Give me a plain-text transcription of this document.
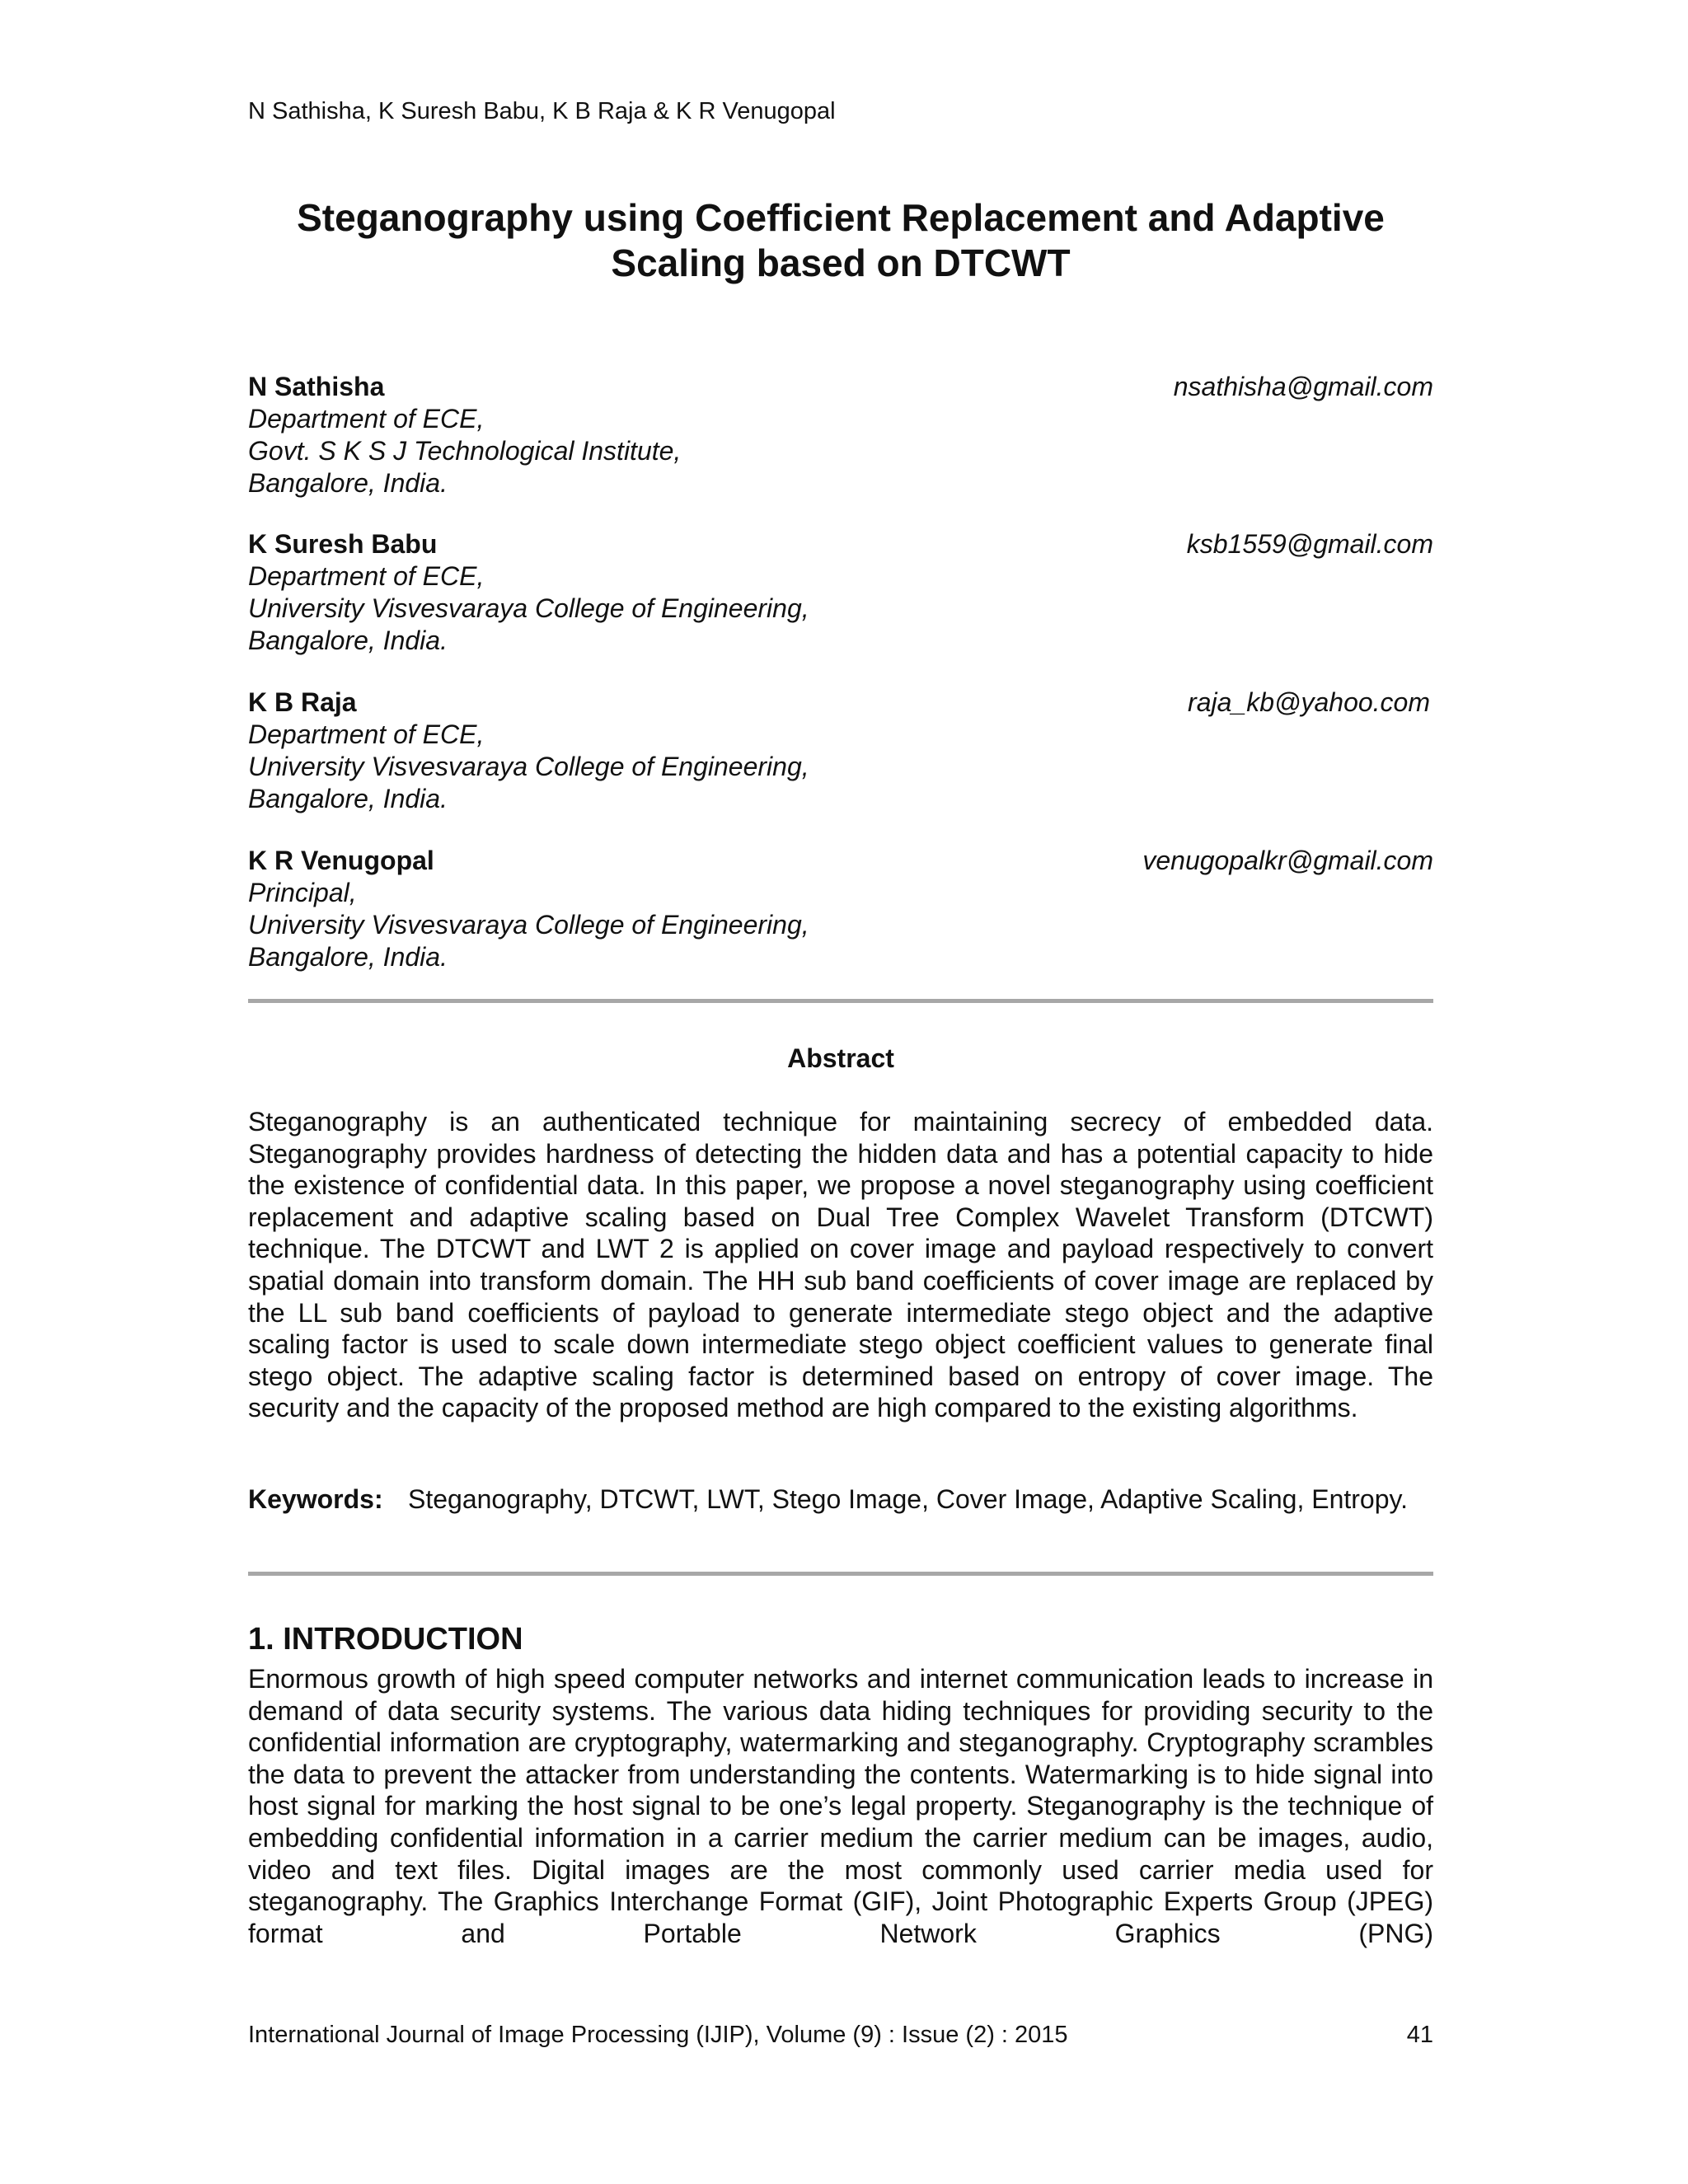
N Sathisha, K Suresh Babu, K B Raja & K R Venugopal
Steganography using Coefficient Replacement and Adaptive
Scaling based on DTCWT
N Sathisha	nsathisha@gmail.com
Department of ECE,
Govt. S K S J Technological Institute,
Bangalore, India.
K Suresh Babu	ksb1559@gmail.com
Department of ECE,
University Visvesvaraya College of Engineering,
Bangalore, India.
K B Raja	raja_kb@yahoo.com
Department of ECE,
University Visvesvaraya College of Engineering,
Bangalore, India.
K R Venugopal	venugopalkr@gmail.com
Principal,
University Visvesvaraya College of Engineering,
Bangalore, India.
Abstract
Steganography is an authenticated technique for maintaining secrecy of embedded data. Steganography provides hardness of detecting the hidden data and has a potential capacity to hide the existence of confidential data. In this paper, we propose a novel steganography using coefficient replacement and adaptive scaling based on Dual Tree Complex Wavelet Transform (DTCWT) technique. The DTCWT and LWT 2 is applied on cover image and payload respectively to convert spatial domain into transform domain. The HH sub band coefficients of cover image are replaced by the LL sub band coefficients of payload to generate intermediate stego object and the adaptive scaling factor is used to scale down intermediate stego object coefficient values to generate final stego object. The adaptive scaling factor is determined based on entropy of cover image. The security and the capacity of the proposed method are high compared to the existing algorithms.
Keywords: Steganography, DTCWT, LWT, Stego Image, Cover Image, Adaptive Scaling, Entropy.
1. INTRODUCTION
Enormous growth of high speed computer networks and internet communication leads to increase in demand of data security systems. The various data hiding techniques for providing security to the confidential information are cryptography, watermarking and steganography. Cryptography scrambles the data to prevent the attacker from understanding the contents. Watermarking is to hide signal into host signal for marking the host signal to be one’s legal property. Steganography is the technique of embedding confidential information in a carrier medium the carrier medium can be images, audio, video and text files. Digital images are the most commonly used carrier media used for steganography. The Graphics Interchange Format (GIF), Joint Photographic Experts Group (JPEG) format and Portable Network Graphics (PNG)
International Journal of Image Processing (IJIP), Volume (9) : Issue (2) : 2015	41
